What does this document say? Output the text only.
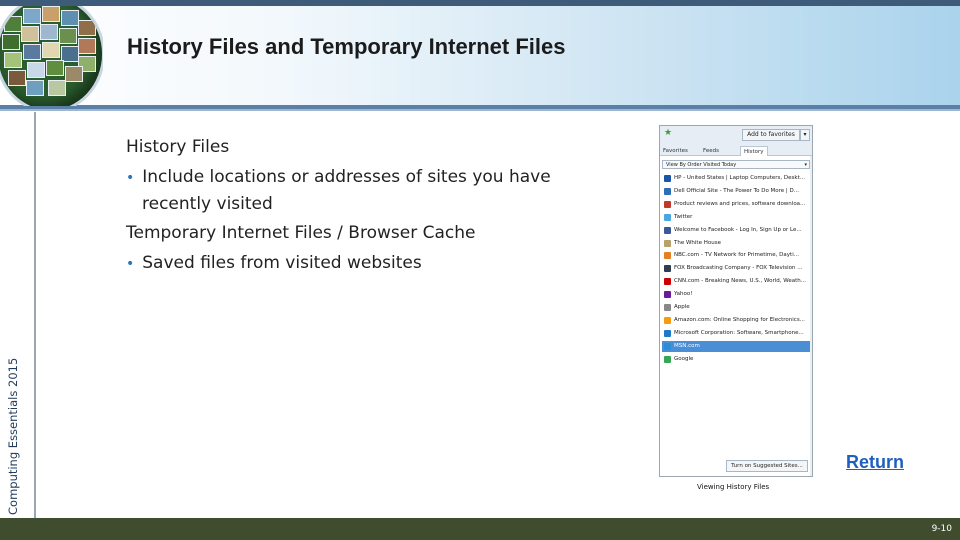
History Files and Temporary Internet Files
Computing Essentials 2015
History Files
• Include locations or addresses of sites you have
recently visited
Temporary Internet Files / Browser Cache
• Saved files from visited websites
★	Add to favorites	▾
Favorites	Feeds	History
View By Order Visited Today	▾
HP - United States | Laptop Computers, Deskt...
Dell Official Site - The Power To Do More | D...
Product reviews and prices, software downloa...
Twitter
Welcome to Facebook - Log In, Sign Up or Le...
The White House
NBC.com - TV Network for Primetime, Dayti...
FOX Broadcasting Company - FOX Television ...
CNN.com - Breaking News, U.S., World, Weath...
Yahoo!
Apple
Amazon.com: Online Shopping for Electronics...
Microsoft Corporation: Software, Smartphone...
MSN.com
Google
Turn on Suggested Sites... Return
Viewing History Files
9-10
